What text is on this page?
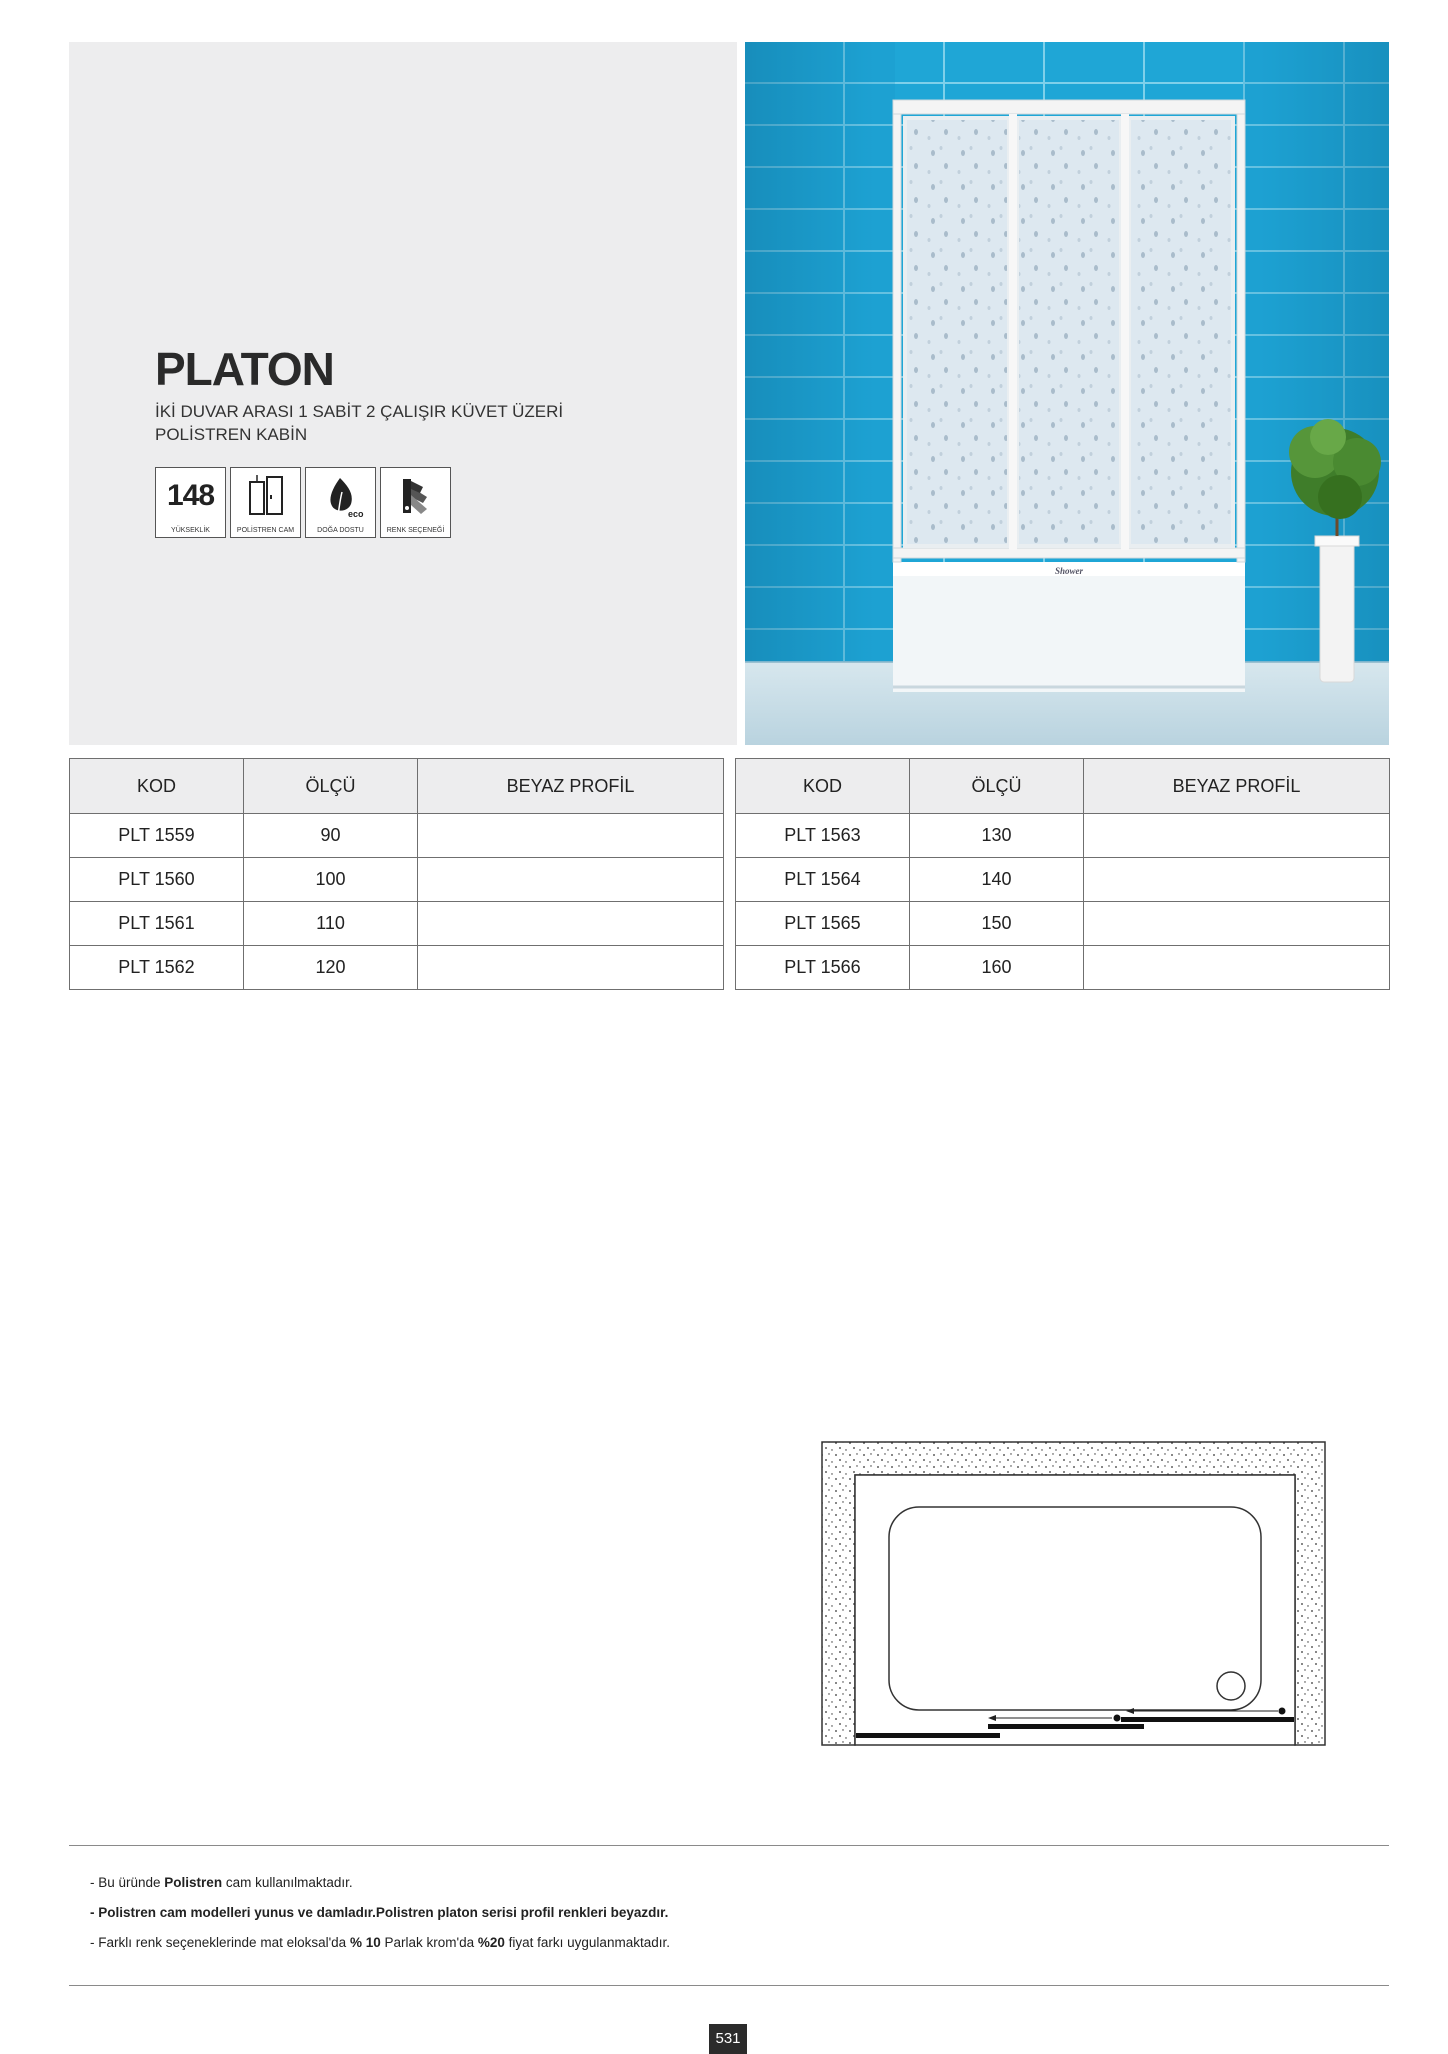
PLATON
İKİ DUVAR ARASI 1 SABİT 2 ÇALIŞIR KÜVET ÜZERİ
POLİSTREN KABİN
148
YÜKSEKLİK	POLİSTREN CAM
eco
DOĞA DOSTU	RENK SEÇENEĞİ
Shower
KOD	ÖLÇÜ	BEYAZ PROFİL
PLT 1559	90	
PLT 1560	100	
PLT 1561	110	
PLT 1562	120	
KOD	ÖLÇÜ	BEYAZ PROFİL
PLT 1563	130	
PLT 1564	140	
PLT 1565	150	
PLT 1566	160	
- Bu üründe Polistren cam kullanılmaktadır.
- Polistren cam modelleri yunus ve damladır.Polistren platon serisi profil renkleri beyazdır.
- Farklı renk seçeneklerinde mat eloksal'da % 10 Parlak krom'da %20 fiyat farkı uygulanmaktadır.
531
